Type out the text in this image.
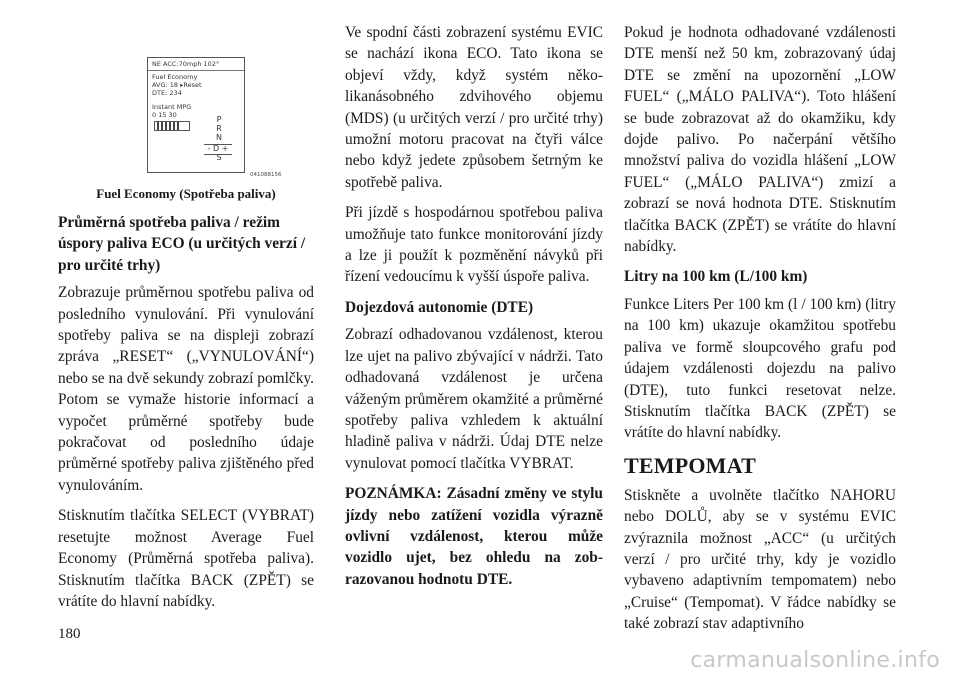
NE ACC:70mph 102°
Fuel Economy
AVG: 18 ▸Reset
DTE: 234
Instant MPG
0 15 30	P
R
N
- D +
S
041088156
Fuel Economy (Spotřeba paliva)
Průměrná spotřeba paliva / režim úspory paliva ECO (u určitých verzí / pro určité trhy)

Zobrazuje průměrnou spotřebu paliva od posledního vynulování. Při vynulování spotřeby paliva se na displeji zobrazí zpráva „RESET“ („VYNULOVÁNÍ“) nebo se na dvě sekundy zobrazí pomlčky. Potom se vymaže historie informací a vypočet průměrné spotřeby bude pokračovat od posledního údaje průměrné spotřeby paliva zjištěného před vynulováním.

Stisknutím tlačítka SELECT (VYBRAT) resetujte možnost Average Fuel Economy (Průměrná spotřeba paliva). Stisknutím tlačítka BACK (ZPĚT) se vrátíte do hlavní nabídky.

Ve spodní části zobrazení systému EVIC se nachází ikona ECO. Tato ikona se objeví vždy, když systém několikanásobného zdvihového objemu (MDS) (u určitých verzí / pro určité trhy) umožní motoru pracovat na čtyři válce nebo když jedete způsobem šetrným ke spotřebě paliva.

Při jízdě s hospodárnou spotřebou paliva umožňuje tato funkce monitorování jízdy a lze ji použít k pozměnění návyků při řízení vedoucímu k vyšší úspoře paliva.

Dojezdová autonomie (DTE)

Zobrazí odhadovanou vzdálenost, kterou lze ujet na palivo zbývající v nádrži. Tato odhadovaná vzdálenost je určena váženým průměrem okamžité a průměrné spotřeby paliva vzhledem k aktuální hladině paliva v nádrži. Údaj DTE nelze vynulovat pomocí tlačítka VYBRAT.

POZNÁMKA: Zásadní změny ve stylu jízdy nebo zatížení vozidla výrazně ovlivní vzdálenost, kterou může vozidlo ujet, bez ohledu na zobrazovanou hodnotu DTE.

Pokud je hodnota odhadované vzdálenosti DTE menší než 50 km, zobrazovaný údaj DTE se změní na upozornění „LOW FUEL“ („MÁLO PALIVA“). Toto hlášení se bude zobrazovat až do okamžiku, kdy dojde palivo. Po načerpání většího množství paliva do vozidla hlášení „LOW FUEL“ („MÁLO PALIVA“) zmizí a zobrazí se nová hodnota DTE. Stisknutím tlačítka BACK (ZPĚT) se vrátíte do hlavní nabídky.

Litry na 100 km (L/100 km)

Funkce Liters Per 100 km (l / 100 km) (litry na 100 km) ukazuje okamžitou spotřebu paliva ve formě sloupcového grafu pod údajem vzdálenosti dojezdu na palivo (DTE), tuto funkci resetovat nelze. Stisknutím tlačítka BACK (ZPĚT) se vrátíte do hlavní nabídky.

TEMPOMAT

Stiskněte a uvolněte tlačítko NAHORU nebo DOLŮ, aby se v systému EVIC zvýraznila možnost „ACC“ (u určitých verzí / pro určité trhy, kdy je vozidlo vybaveno adaptivním tempomatem) nebo „Cruise“ (Tempomat). V řádce nabídky se také zobrazí stav adaptivního

180
carmanualsonline.info
